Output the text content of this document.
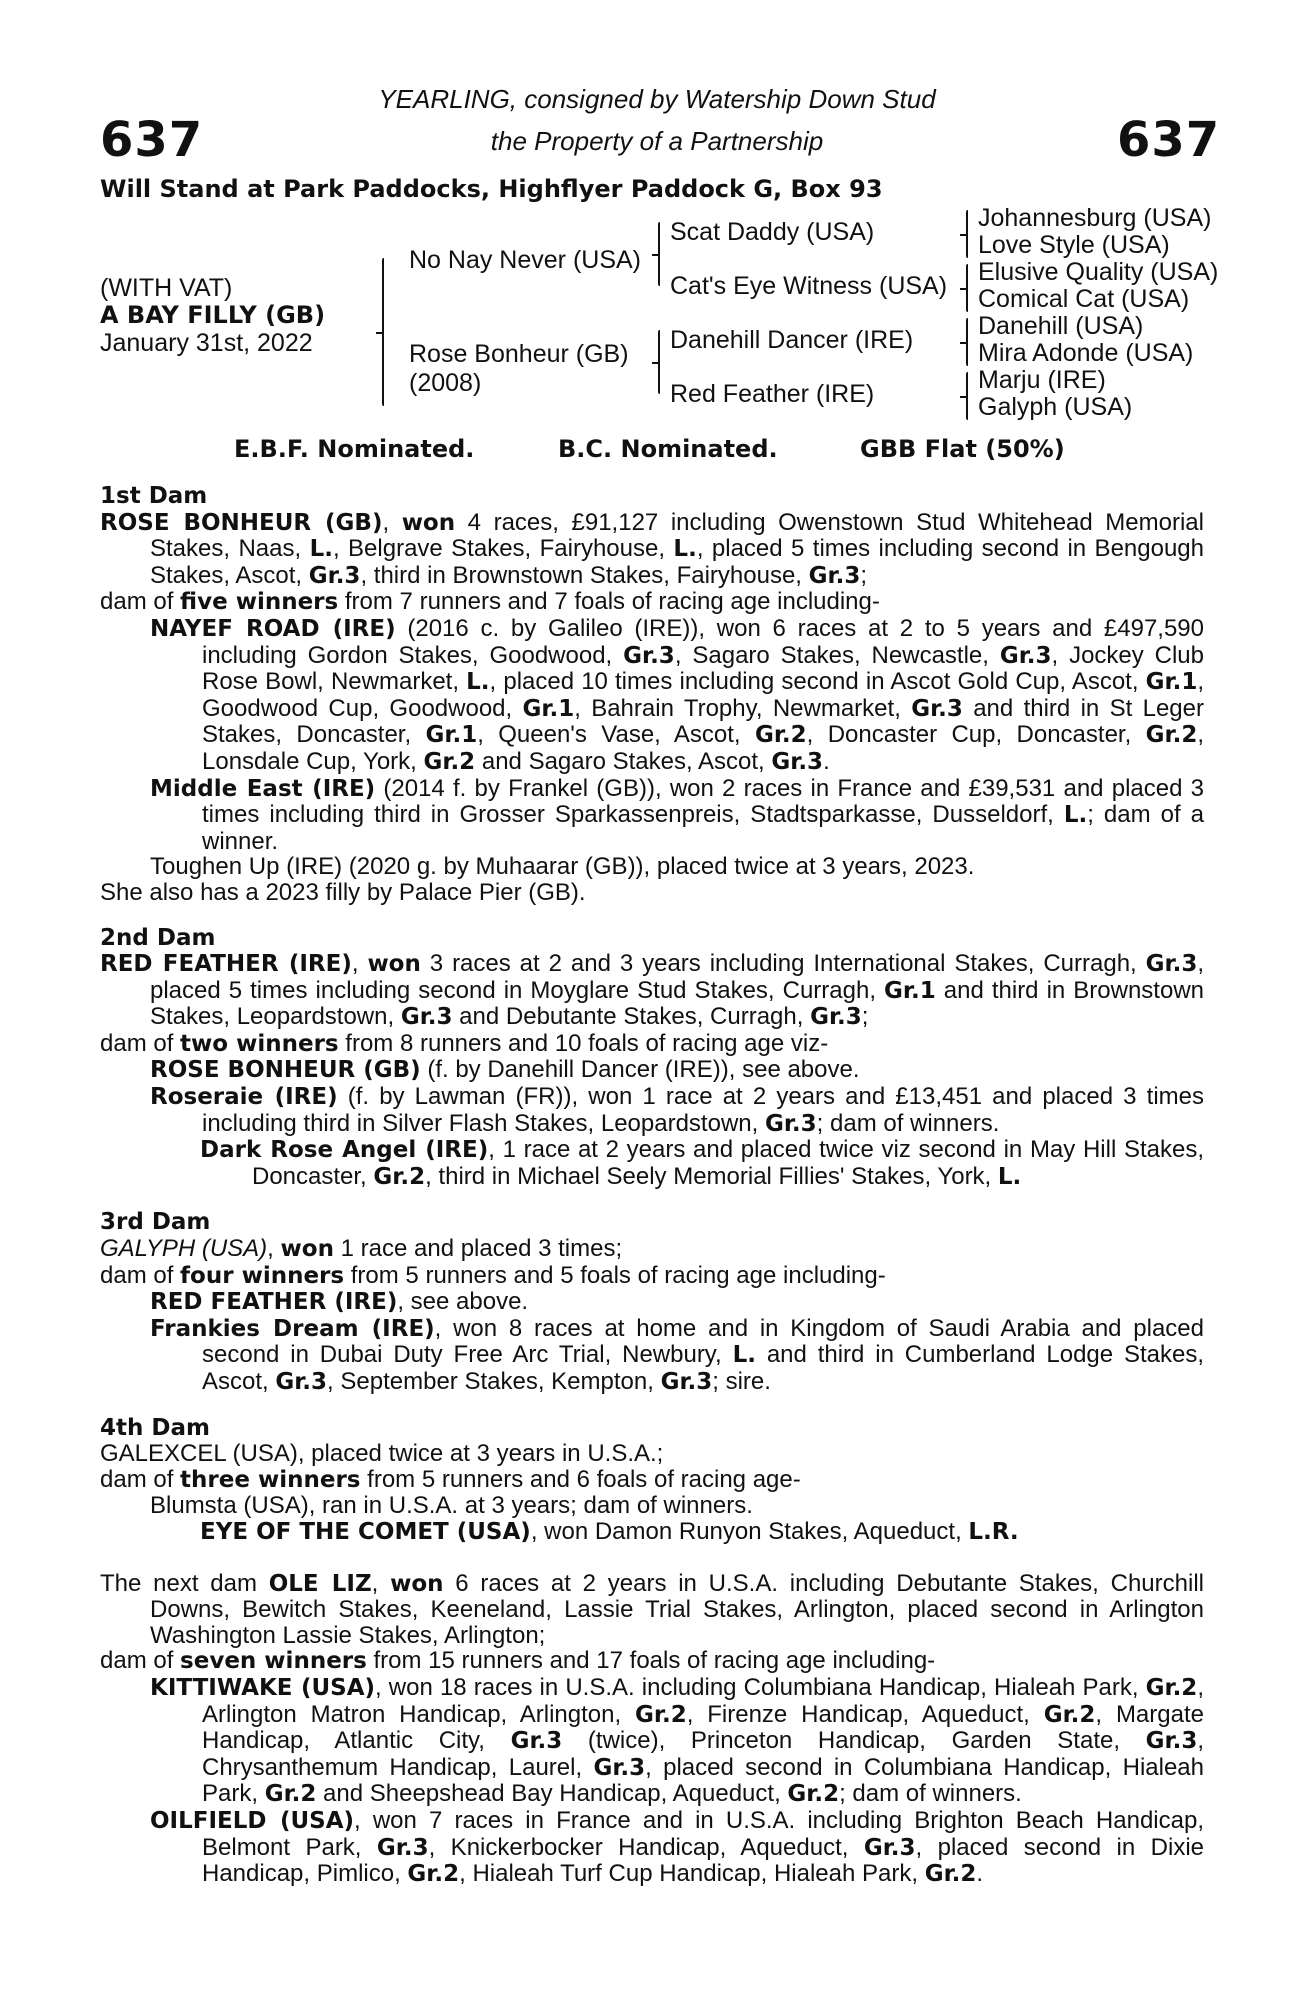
637	637
YEARLING, consigned by Watership Down Stud
the Property of a Partnership
Will Stand at Park Paddocks, Highflyer Paddock G, Box 93
(WITH VAT)
A BAY FILLY (GB)
January 31st, 2022
No Nay Never (USA)
Rose Bonheur (GB)
(2008)
Scat Daddy (USA)
Cat's Eye Witness (USA)
Danehill Dancer (IRE)
Red Feather (IRE)
Johannesburg (USA)
Love Style (USA)
Elusive Quality (USA)
Comical Cat (USA)
Danehill (USA)
Mira Adonde (USA)
Marju (IRE)
Galyph (USA)
E.B.F. Nominated.	B.C. Nominated.	GBB Flat (50%)
1st Dam
ROSE BONHEUR (GB), won 4 races, £91,127 including Owenstown Stud Whitehead Memorial Stakes, Naas, L., Belgrave Stakes, Fairyhouse, L., placed 5 times including second in Bengough Stakes, Ascot, Gr.3, third in Brownstown Stakes, Fairyhouse, Gr.3;
dam of five winners from 7 runners and 7 foals of racing age including-
NAYEF ROAD (IRE) (2016 c. by Galileo (IRE)), won 6 races at 2 to 5 years and £497,590 including Gordon Stakes, Goodwood, Gr.3, Sagaro Stakes, Newcastle, Gr.3, Jockey Club Rose Bowl, Newmarket, L., placed 10 times including second in Ascot Gold Cup, Ascot, Gr.1, Goodwood Cup, Goodwood, Gr.1, Bahrain Trophy, Newmarket, Gr.3 and third in St Leger Stakes, Doncaster, Gr.1, Queen's Vase, Ascot, Gr.2, Doncaster Cup, Doncaster, Gr.2, Lonsdale Cup, York, Gr.2 and Sagaro Stakes, Ascot, Gr.3.
Middle East (IRE) (2014 f. by Frankel (GB)), won 2 races in France and £39,531 and placed 3 times including third in Grosser Sparkassenpreis, Stadtsparkasse, Dusseldorf, L.; dam of a winner.
Toughen Up (IRE) (2020 g. by Muhaarar (GB)), placed twice at 3 years, 2023.
She also has a 2023 filly by Palace Pier (GB).
2nd Dam
RED FEATHER (IRE), won 3 races at 2 and 3 years including International Stakes, Curragh, Gr.3, placed 5 times including second in Moyglare Stud Stakes, Curragh, Gr.1 and third in Brownstown Stakes, Leopardstown, Gr.3 and Debutante Stakes, Curragh, Gr.3;
dam of two winners from 8 runners and 10 foals of racing age viz-
ROSE BONHEUR (GB) (f. by Danehill Dancer (IRE)), see above.
Roseraie (IRE) (f. by Lawman (FR)), won 1 race at 2 years and £13,451 and placed 3 times including third in Silver Flash Stakes, Leopardstown, Gr.3; dam of winners.
Dark Rose Angel (IRE), 1 race at 2 years and placed twice viz second in May Hill Stakes, Doncaster, Gr.2, third in Michael Seely Memorial Fillies' Stakes, York, L.
3rd Dam
GALYPH (USA), won 1 race and placed 3 times;
dam of four winners from 5 runners and 5 foals of racing age including-
RED FEATHER (IRE), see above.
Frankies Dream (IRE), won 8 races at home and in Kingdom of Saudi Arabia and placed second in Dubai Duty Free Arc Trial, Newbury, L. and third in Cumberland Lodge Stakes, Ascot, Gr.3, September Stakes, Kempton, Gr.3; sire.
4th Dam
GALEXCEL (USA), placed twice at 3 years in U.S.A.;
dam of three winners from 5 runners and 6 foals of racing age-
Blumsta (USA), ran in U.S.A. at 3 years; dam of winners.
EYE OF THE COMET (USA), won Damon Runyon Stakes, Aqueduct, L.R.
The next dam OLE LIZ, won 6 races at 2 years in U.S.A. including Debutante Stakes, Churchill Downs, Bewitch Stakes, Keeneland, Lassie Trial Stakes, Arlington, placed second in Arlington Washington Lassie Stakes, Arlington;
dam of seven winners from 15 runners and 17 foals of racing age including-
KITTIWAKE (USA), won 18 races in U.S.A. including Columbiana Handicap, Hialeah Park, Gr.2, Arlington Matron Handicap, Arlington, Gr.2, Firenze Handicap, Aqueduct, Gr.2, Margate Handicap, Atlantic City, Gr.3 (twice), Princeton Handicap, Garden State, Gr.3, Chrysanthemum Handicap, Laurel, Gr.3, placed second in Columbiana Handicap, Hialeah Park, Gr.2 and Sheepshead Bay Handicap, Aqueduct, Gr.2; dam of winners.
OILFIELD (USA), won 7 races in France and in U.S.A. including Brighton Beach Handicap, Belmont Park, Gr.3, Knickerbocker Handicap, Aqueduct, Gr.3, placed second in Dixie Handicap, Pimlico, Gr.2, Hialeah Turf Cup Handicap, Hialeah Park, Gr.2.
